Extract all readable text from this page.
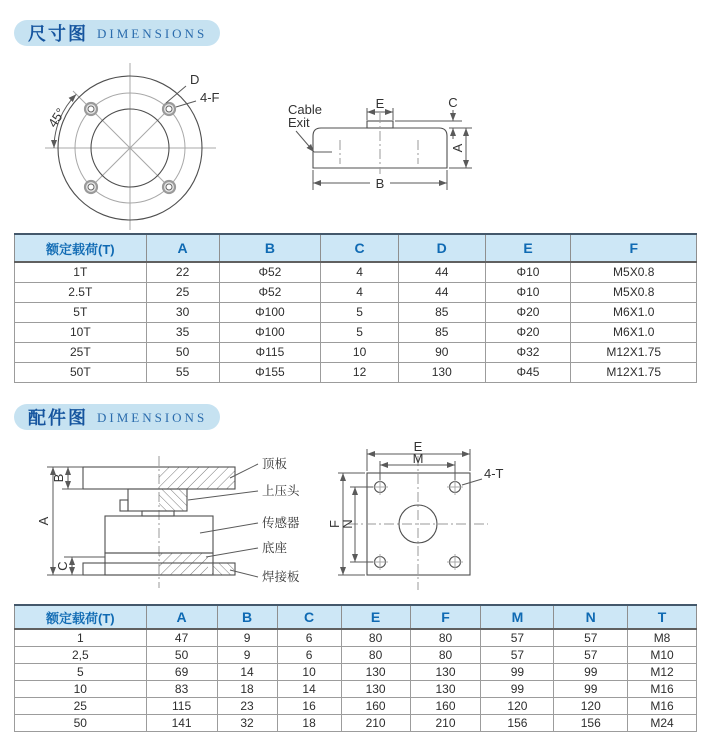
尺寸图 DIMENSIONS
45°
D
4-F	E	C
A
B
Cable
Exit
额定载荷(T)	A	B	C	D	E	F
1T	22	Φ52	4	44	Φ10	M5X0.8
2.5T	25	Φ52	4	44	Φ10	M5X0.8
5T	30	Φ100	5	85	Φ20	M6X1.0
10T	35	Φ100	5	85	Φ20	M6X1.0
25T	50	Φ115	10	90	Φ32	M12X1.75
50T	55	Φ155	12	130	Φ45	M12X1.75
配件图 DIMENSIONS
B
A
C
顶板
上压头
传感器
底座
焊接板
E
M
F
N
4-T
额定载荷(T)	A	B	C	E	F	M	N	T
1	47	9	6	80	80	57	57	M8
2,5	50	9	6	80	80	57	57	M10
5	69	14	10	130	130	99	99	M12
10	83	18	14	130	130	99	99	M16
25	115	23	16	160	160	120	120	M16
50	141	32	18	210	210	156	156	M24
